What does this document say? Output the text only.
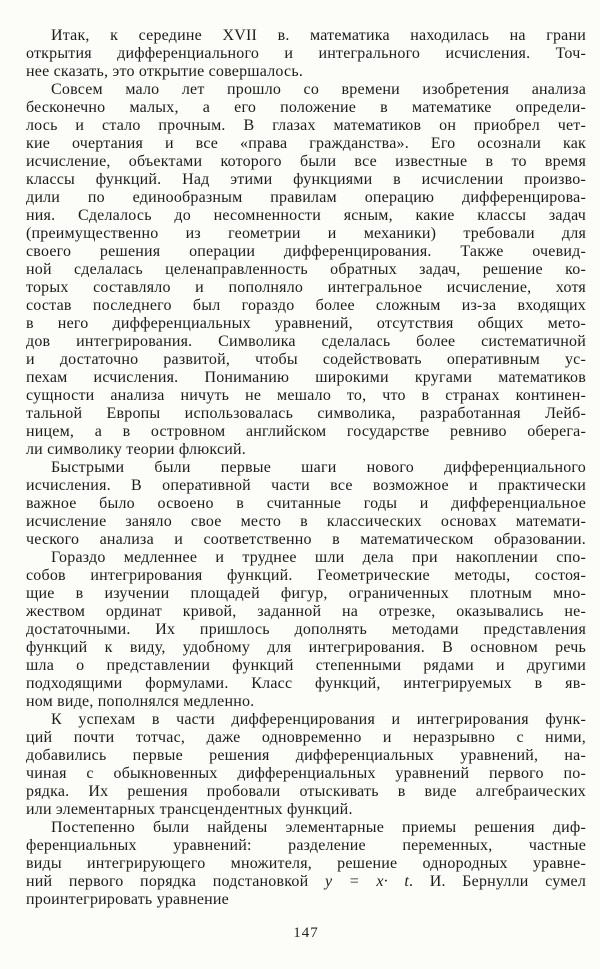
Итак, к середине XVII в. математика находилась на грани
открытия дифференциального и интегрального исчисления. Точ-
нее сказать, это открытие совершалось.
Совсем мало лет прошло со времени изобретения анализа
бесконечно малых, а его положение в математике определи-
лось и стало прочным. В глазах математиков он приобрел чет-
кие очертания и все «права гражданства». Его осознали как
исчисление, объектами которого были все известные в то время
классы функций. Над этими функциями в исчислении произво-
дили по единообразным правилам операцию дифференцирова-
ния. Сделалось до несомненности ясным, какие классы задач
(преимущественно из геометрии и механики) требовали для
своего решения операции дифференцирования. Также очевид-
ной сделалась целенаправленность обратных задач, решение ко-
торых составляло и пополняло интегральное исчисление, хотя
состав последнего был гораздо более сложным из-за входящих
в него дифференциальных уравнений, отсутствия общих мето-
дов интегрирования. Символика сделалась более систематичной
и достаточно развитой, чтобы содействовать оперативным ус-
пехам исчисления. Пониманию широкими кругами математиков
сущности анализа ничуть не мешало то, что в странах континен-
тальной Европы использовалась символика, разработанная Лейб-
ницем, а в островном английском государстве ревниво оберега-
ли символику теории флюксий.
Быстрыми были первые шаги нового дифференциального
исчисления. В оперативной части все возможное и практически
важное было освоено в считанные годы и дифференциальное
исчисление заняло свое место в классических основах математи-
ческого анализа и соответственно в математическом образовании.
Гораздо медленнее и труднее шли дела при накоплении спо-
собов интегрирования функций. Геометрические методы, состоя-
щие в изучении площадей фигур, ограниченных плотным мно-
жеством ординат кривой, заданной на отрезке, оказывались не-
достаточными. Их пришлось дополнять методами представления
функций к виду, удобному для интегрирования. В основном речь
шла о представлении функций степенными рядами и другими
подходящими формулами. Класс функций, интегрируемых в яв-
ном виде, пополнялся медленно.
К успехам в части дифференцирования и интегрирования функ-
ций почти тотчас, даже одновременно и неразрывно с ними,
добавились первые решения дифференциальных уравнений, на-
чиная с обыкновенных дифференциальных уравнений первого по-
рядка. Их решения пробовали отыскивать в виде алгебраических
или элементарных трансцендентных функций.
Постепенно были найдены элементарные приемы решения диф-
ференциальных уравнений: разделение переменных, частные
виды интегрирующего множителя, решение однородных уравне-
ний первого порядка подстановкой y = x· t. И. Бернулли сумел
проинтегрировать уравнение
147
